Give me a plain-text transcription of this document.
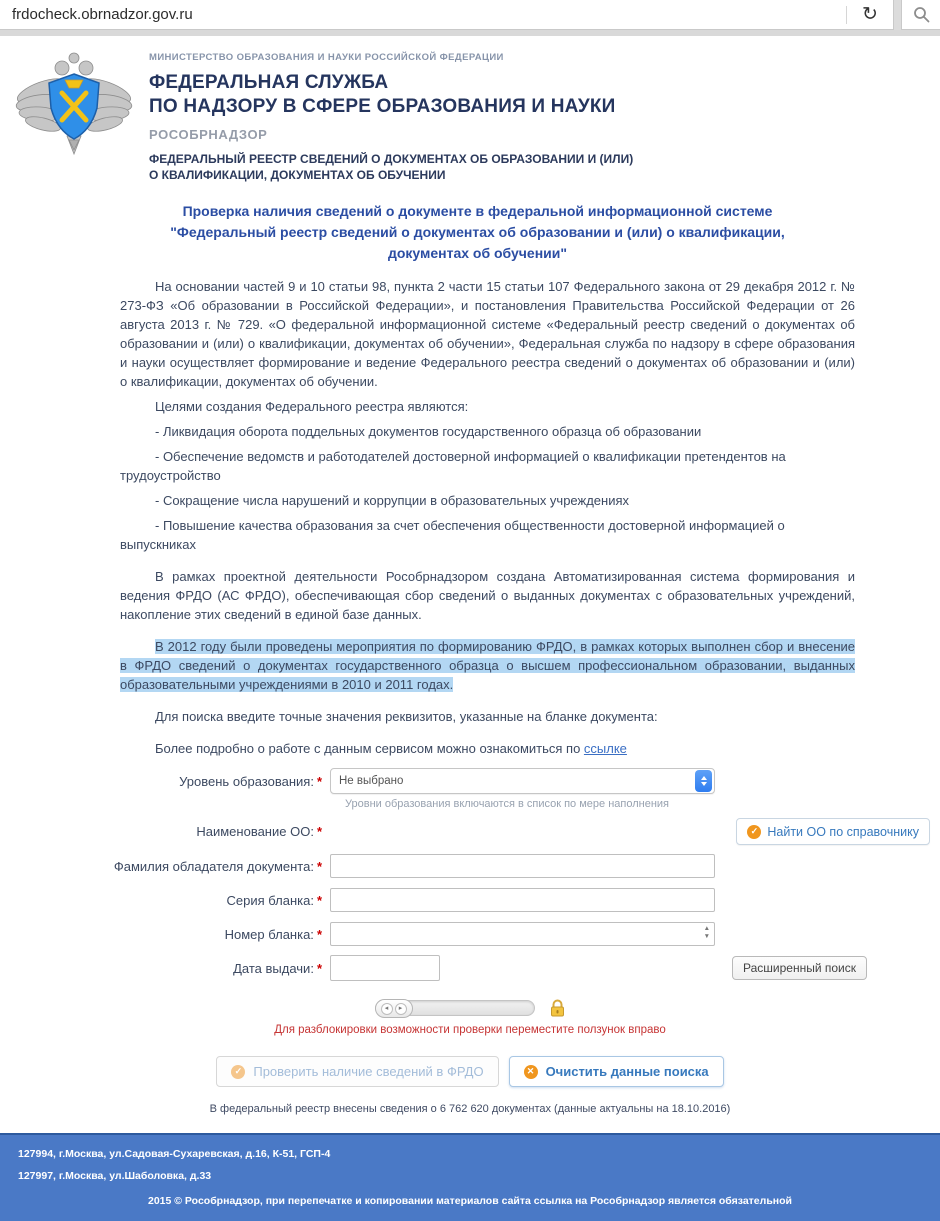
frdocheck.obrnadzor.gov.ru	↻
МИНИСТЕРСТВО ОБРАЗОВАНИЯ И НАУКИ РОССИЙСКОЙ ФЕДЕРАЦИИ
ФЕДЕРАЛЬНАЯ СЛУЖБА
ПО НАДЗОРУ В СФЕРЕ ОБРАЗОВАНИЯ И НАУКИ
РОСОБРНАДЗОР
ФЕДЕРАЛЬНЫЙ РЕЕСТР СВЕДЕНИЙ О ДОКУМЕНТАХ ОБ ОБРАЗОВАНИИ И (ИЛИ)
О КВАЛИФИКАЦИИ, ДОКУМЕНТАХ ОБ ОБУЧЕНИИ
Проверка наличия сведений о документе в федеральной информационной системе
"Федеральный реестр сведений о документах об образовании и (или) о квалификации,
документах об обучении"

На основании частей 9 и 10 статьи 98, пункта 2 части 15 статьи 107 Федерального закона от 29 декабря 2012 г. № 273-ФЗ «Об образовании в Российской Федерации», и постановления Правительства Российской Федерации от 26 августа 2013 г. № 729. «О федеральной информационной системе «Федеральный реестр сведений о документах об образовании и (или) о квалификации, документах об обучении», Федеральная служба по надзору в сфере образования и науки осуществляет формирование и ведение Федерального реестра сведений о документах об образовании и (или) о квалификации, документах об обучении.

Целями создания Федерального реестра являются:

- Ликвидация оборота поддельных документов государственного образца об образовании

- Обеспечение ведомств и работодателей достоверной информацией о квалификации претендентов на трудоустройство

- Сокращение числа нарушений и коррупции в образовательных учреждениях

- Повышение качества образования за счет обеспечения общественности достоверной информацией о выпускниках

В рамках проектной деятельности Рособрнадзором создана Автоматизированная система формирования и ведения ФРДО (АС ФРДО), обеспечивающая сбор сведений о выданных документах с образовательных учреждений, накопление этих сведений в единой базе данных.

В 2012 году были проведены мероприятия по формированию ФРДО, в рамках которых выполнен сбор и внесение в ФРДО сведений о документах государственного образца о высшем профессиональном образовании, выданных образовательными учреждениями в 2010 и 2011 годах.

Для поиска введите точные значения реквизитов, указанные на бланке документа:

Более подробно о работе с данным сервисом можно ознакомиться по ссылке

Уровень образования: *	Не выбрано
Уровни образования включаются в список по мере наполнения
Наименование ОО: *	✓ Найти ОО по справочнику
Фамилия обладателя документа: *
Серия бланка: *
Номер бланка: *	▲
▼
Дата выдачи: *	Расширенный поиск
◂	▸
Для разблокировки возможности проверки переместите ползунок вправо
✓ Проверить наличие сведений в ФРДО	✕ Очистить данные поиска
В федеральный реестр внесены сведения о 6 762 620 документах (данные актуальны на 18.10.2016)
127994, г.Москва, ул.Садовая-Сухаревская, д.16, К-51, ГСП-4
127997, г.Москва, ул.Шаболовка, д.33
2015 © Рособрнадзор, при перепечатке и копировании материалов сайта ссылка на Рособрнадзор является обязательной
